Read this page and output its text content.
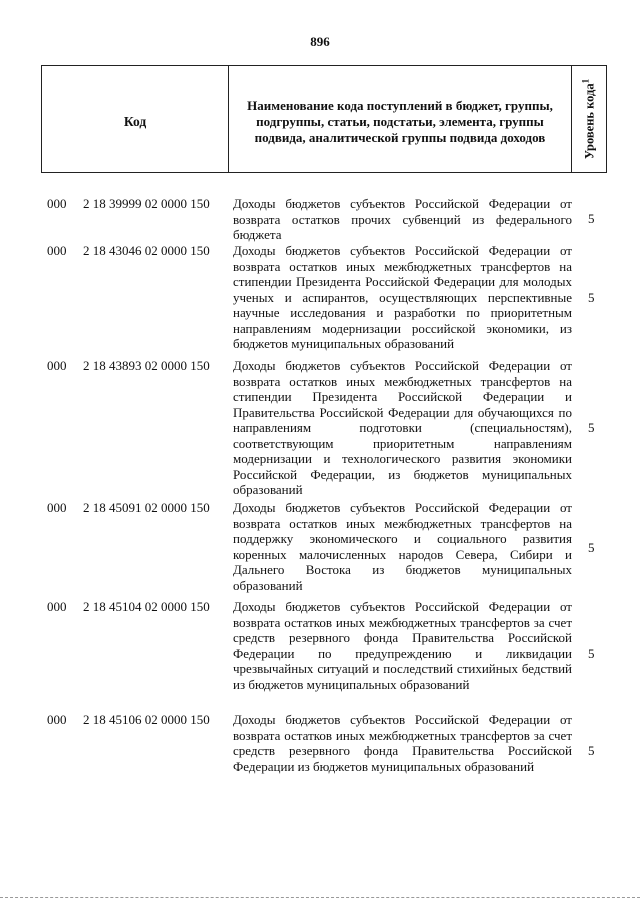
896
Код
Наименование кода поступлений в бюджет, группы, подгруппы, статьи, подстатьи, элемента, группы подвида, аналитической группы подвида доходов	Уровень кода$^1$
000 2 18 39999 02 0000 150 Доходы бюджетов субъектов Российской Федерации от возврата остатков прочих субвенций из федерального бюджета
5
000 2 18 43046 02 0000 150 Доходы бюджетов субъектов Российской Федерации от возврата остатков иных межбюджетных трансфертов на стипендии Президента Российской Федерации для молодых ученых и аспирантов, осуществляющих перспективные научные исследования и разработки по приоритетным направлениям модернизации российской экономики, из бюджетов муниципальных образований
5
000 2 18 43893 02 0000 150 Доходы бюджетов субъектов Российской Федерации от возврата остатков иных межбюджетных трансфертов на стипендии Президента Российской Федерации и Правительства Российской Федерации для обучающихся по направлениям подготовки (специальностям), соответствующим приоритетным направлениям модернизации и технологического развития экономики Российской Федерации, из бюджетов муниципальных образований
5
000 2 18 45091 02 0000 150 Доходы бюджетов субъектов Российской Федерации от возврата остатков иных межбюджетных трансфертов на поддержку экономического и социального развития коренных малочисленных народов Севера, Сибири и Дальнего Востока из бюджетов муниципальных образований
5
000 2 18 45104 02 0000 150 Доходы бюджетов субъектов Российской Федерации от возврата остатков иных межбюджетных трансфертов за счет средств резервного фонда Правительства Российской Федерации по предупреждению и ликвидации чрезвычайных ситуаций и последствий стихийных бедствий из бюджетов муниципальных образований
5
000 2 18 45106 02 0000 150 Доходы бюджетов субъектов Российской Федерации от возврата остатков иных межбюджетных трансфертов за счет средств резервного фонда Правительства Российской Федерации из бюджетов муниципальных образований
5
